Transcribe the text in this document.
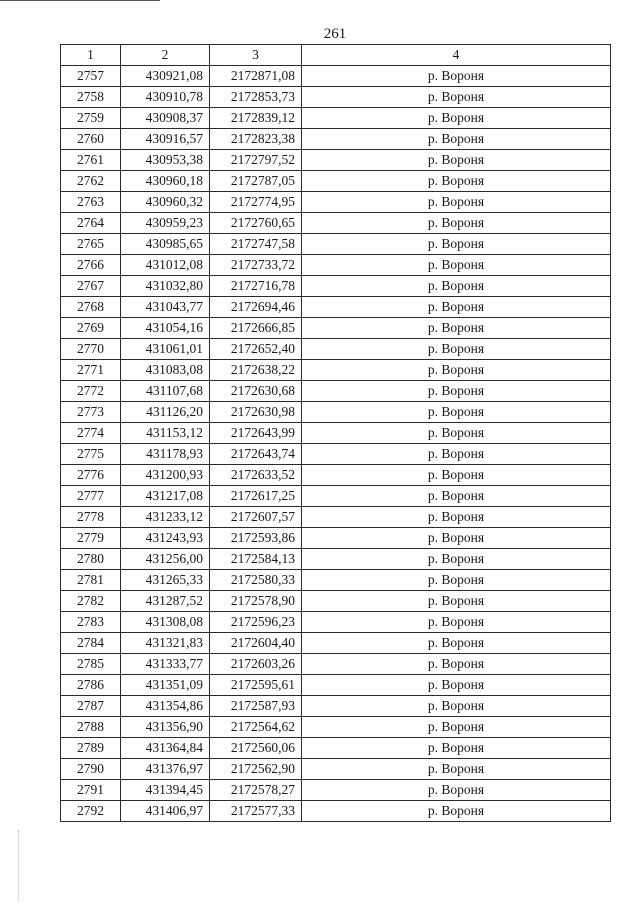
261
1	2	3	4
2757	430921,08	2172871,08	р. Вороня
2758	430910,78	2172853,73	р. Вороня
2759	430908,37	2172839,12	р. Вороня
2760	430916,57	2172823,38	р. Вороня
2761	430953,38	2172797,52	р. Вороня
2762	430960,18	2172787,05	р. Вороня
2763	430960,32	2172774,95	р. Вороня
2764	430959,23	2172760,65	р. Вороня
2765	430985,65	2172747,58	р. Вороня
2766	431012,08	2172733,72	р. Вороня
2767	431032,80	2172716,78	р. Вороня
2768	431043,77	2172694,46	р. Вороня
2769	431054,16	2172666,85	р. Вороня
2770	431061,01	2172652,40	р. Вороня
2771	431083,08	2172638,22	р. Вороня
2772	431107,68	2172630,68	р. Вороня
2773	431126,20	2172630,98	р. Вороня
2774	431153,12	2172643,99	р. Вороня
2775	431178,93	2172643,74	р. Вороня
2776	431200,93	2172633,52	р. Вороня
2777	431217,08	2172617,25	р. Вороня
2778	431233,12	2172607,57	р. Вороня
2779	431243,93	2172593,86	р. Вороня
2780	431256,00	2172584,13	р. Вороня
2781	431265,33	2172580,33	р. Вороня
2782	431287,52	2172578,90	р. Вороня
2783	431308,08	2172596,23	р. Вороня
2784	431321,83	2172604,40	р. Вороня
2785	431333,77	2172603,26	р. Вороня
2786	431351,09	2172595,61	р. Вороня
2787	431354,86	2172587,93	р. Вороня
2788	431356,90	2172564,62	р. Вороня
2789	431364,84	2172560,06	р. Вороня
2790	431376,97	2172562,90	р. Вороня
2791	431394,45	2172578,27	р. Вороня
2792	431406,97	2172577,33	р. Вороня
